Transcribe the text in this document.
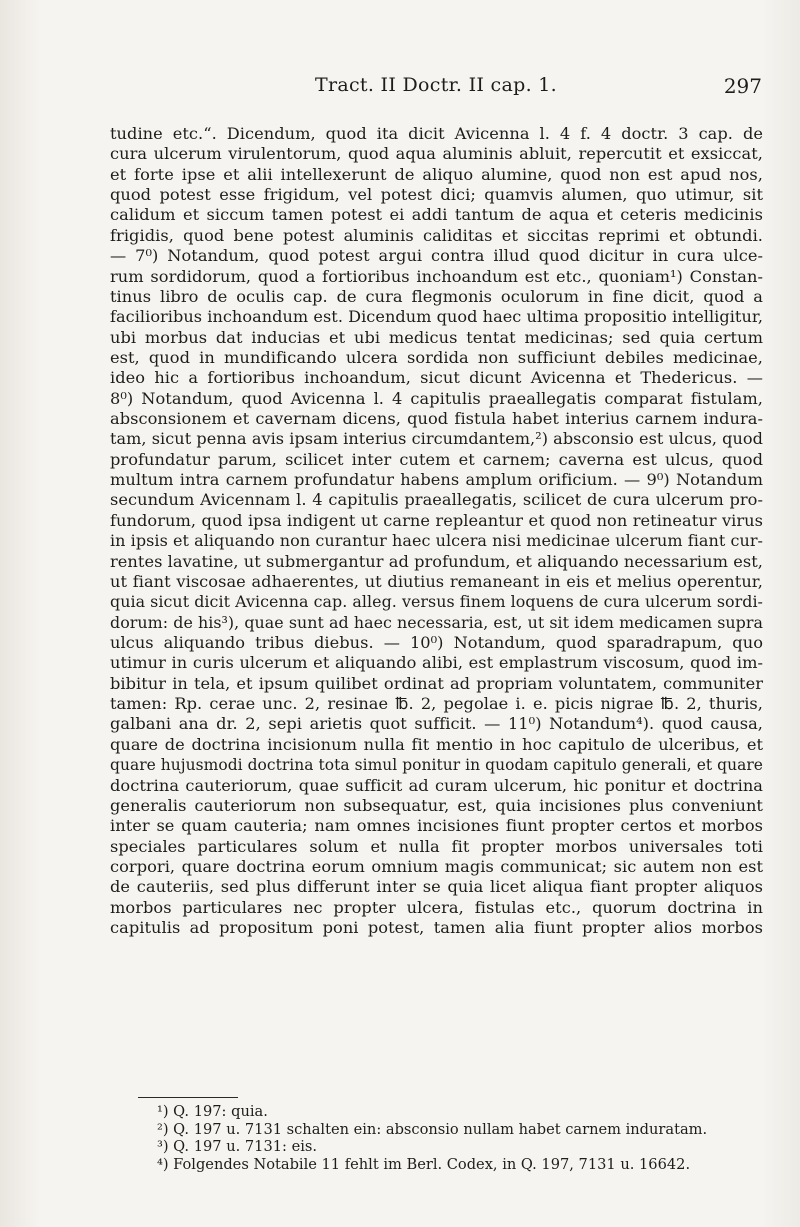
Tract. II Doctr. II cap. 1.	297
tudine etc.“. Dicendum, quod ita dicit Avicenna l. 4 f. 4 doctr. 3 cap. de
cura ulcerum virulentorum, quod aqua aluminis abluit, repercutit et exsiccat,
et forte ipse et alii intellexerunt de aliquo alumine, quod non est apud nos,
quod potest esse frigidum, vel potest dici; quamvis alumen, quo utimur, sit
calidum et siccum tamen potest ei addi tantum de aqua et ceteris medicinis
frigidis, quod bene potest aluminis caliditas et siccitas reprimi et obtundi.
— 7⁰) Notandum, quod potest argui contra illud quod dicitur in cura ulce-
rum sordidorum, quod a fortioribus inchoandum est etc., quoniam¹) Constan-
tinus libro de oculis cap. de cura flegmonis oculorum in fine dicit, quod a
facilioribus inchoandum est. Dicendum quod haec ultima propositio intelligitur,
ubi morbus dat inducias et ubi medicus tentat medicinas; sed quia certum
est, quod in mundificando ulcera sordida non sufficiunt debiles medicinae,
ideo hic a fortioribus inchoandum, sicut dicunt Avicenna et Thedericus. —
8⁰) Notandum, quod Avicenna l. 4 capitulis praeallegatis comparat fistulam,
absconsionem et cavernam dicens, quod fistula habet interius carnem indura-
tam, sicut penna avis ipsam interius circumdantem,²) absconsio est ulcus, quod
profundatur parum, scilicet inter cutem et carnem; caverna est ulcus, quod
multum intra carnem profundatur habens amplum orificium. — 9⁰) Notandum
secundum Avicennam l. 4 capitulis praeallegatis, scilicet de cura ulcerum pro-
fundorum, quod ipsa indigent ut carne repleantur et quod non retineatur virus
in ipsis et aliquando non curantur haec ulcera nisi medicinae ulcerum fiant cur-
rentes lavatine, ut submergantur ad profundum, et aliquando necessarium est,
ut fiant viscosae adhaerentes, ut diutius remaneant in eis et melius operentur,
quia sicut dicit Avicenna cap. alleg. versus finem loquens de cura ulcerum sordi-
dorum: de his³), quae sunt ad haec necessaria, est, ut sit idem medicamen supra
ulcus aliquando tribus diebus. — 10⁰) Notandum, quod sparadrapum, quo
utimur in curis ulcerum et aliquando alibi, est emplastrum viscosum, quod im-
bibitur in tela, et ipsum quilibet ordinat ad propriam voluntatem, communiter
tamen: Rp. cerae unc. 2, resinae ℔. 2, pegolae i. e. picis nigrae ℔. 2, thuris,
galbani ana dr. 2, sepi arietis quot sufficit. — 11⁰) Notandum⁴). quod causa,
quare de doctrina incisionum nulla fit mentio in hoc capitulo de ulceribus, et
quare hujusmodi doctrina tota simul ponitur in quodam capitulo generali, et quare
doctrina cauteriorum, quae sufficit ad curam ulcerum, hic ponitur et doctrina
generalis cauteriorum non subsequatur, est, quia incisiones plus conveniunt
inter se quam cauteria; nam omnes incisiones fiunt propter certos et morbos
speciales particulares solum et nulla fit propter morbos universales toti
corpori, quare doctrina eorum omnium magis communicat; sic autem non est
de cauteriis, sed plus differunt inter se quia licet aliqua fiant propter aliquos
morbos particulares nec propter ulcera, fistulas etc., quorum doctrina in
capitulis ad propositum poni potest, tamen alia fiunt propter alios morbos
¹) Q. 197: quia.
²) Q. 197 u. 7131 schalten ein: absconsio nullam habet carnem induratam.
³) Q. 197 u. 7131: eis.
⁴) Folgendes Notabile 11 fehlt im Berl. Codex, in Q. 197, 7131 u. 16642.
